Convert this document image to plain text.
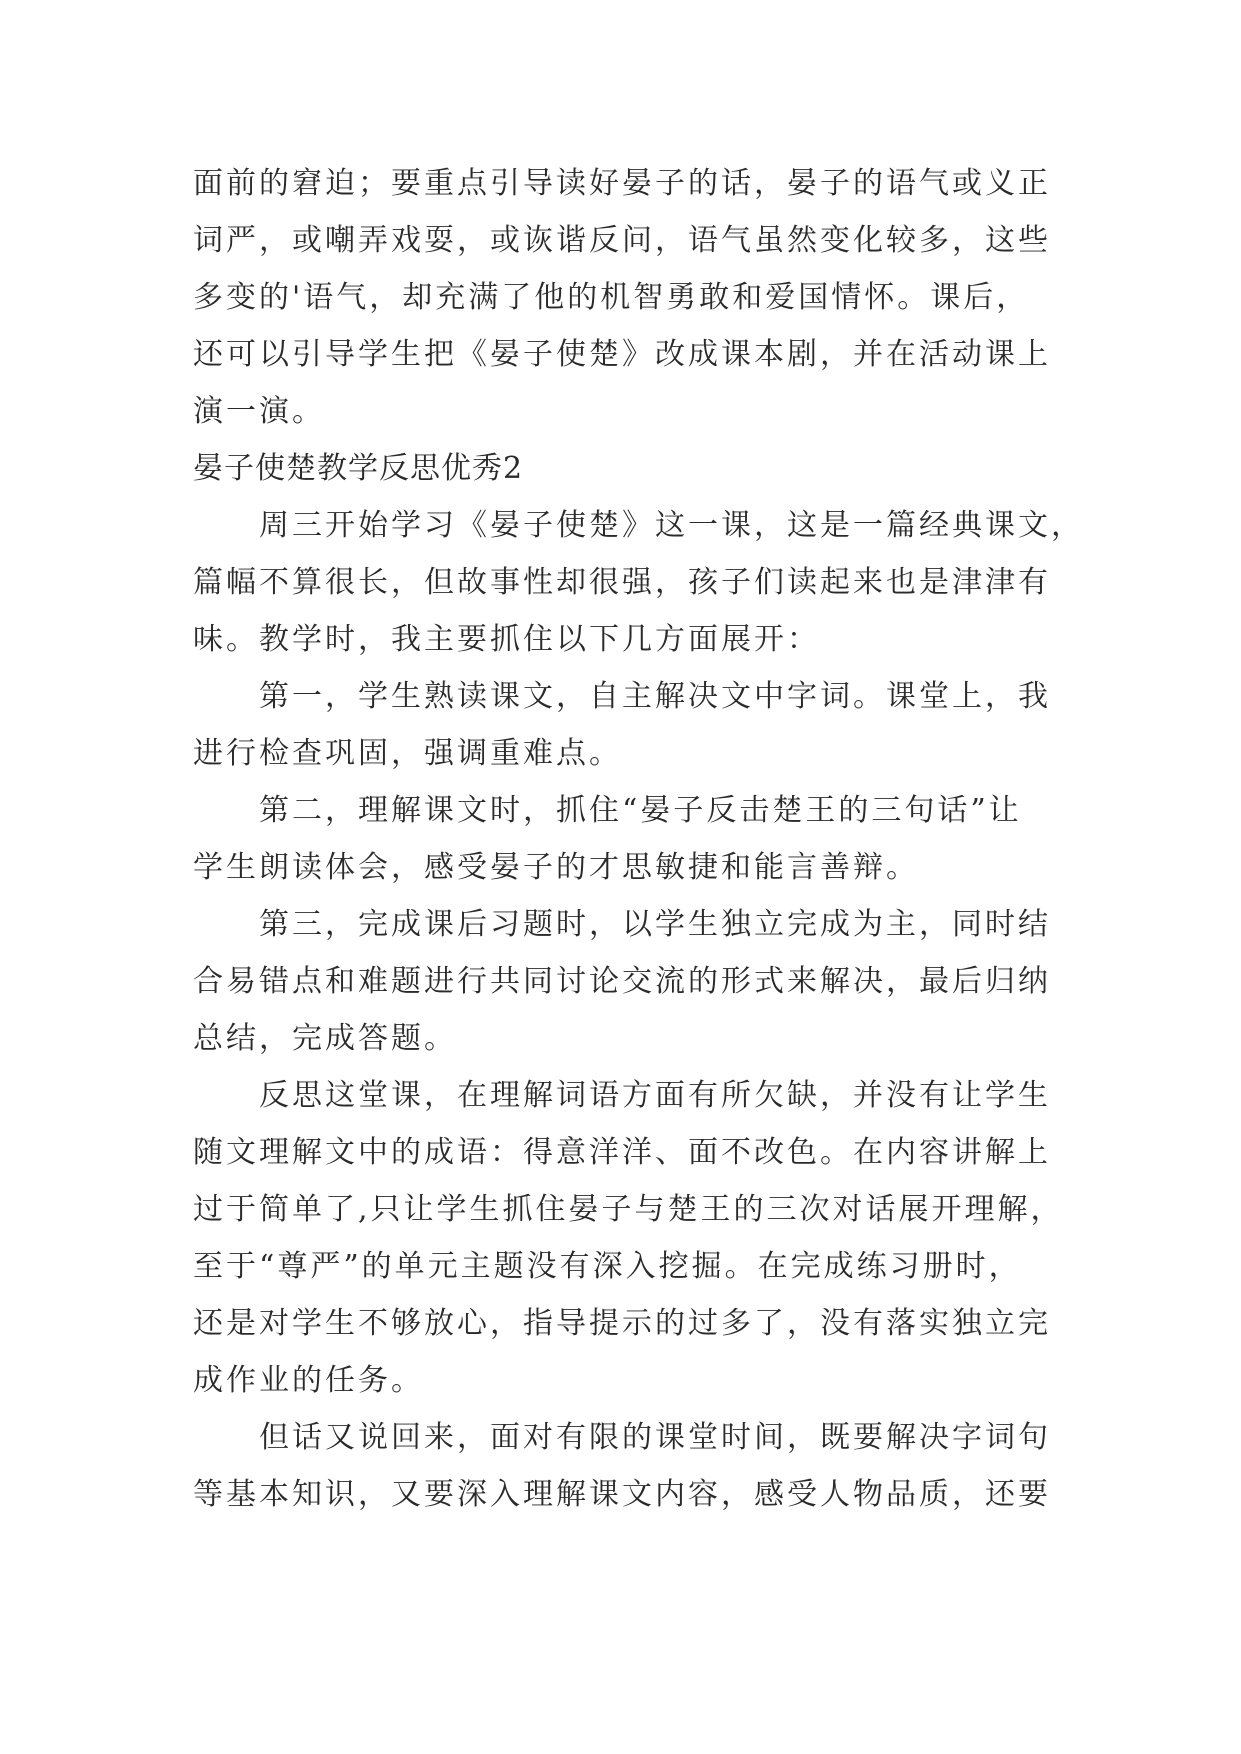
面前的窘迫；要重点引导读好晏子的话，晏子的语气或义正
词严，或嘲弄戏耍，或诙谐反问，语气虽然变化较多，这些
多变的'语气，却充满了他的机智勇敢和爱国情怀。课后，
还可以引导学生把《晏子使楚》改成课本剧，并在活动课上
演一演。
晏子使楚教学反思优秀2
　　周三开始学习《晏子使楚》这一课，这是一篇经典课文，
篇幅不算很长，但故事性却很强，孩子们读起来也是津津有
味。教学时，我主要抓住以下几方面展开：
　　第一，学生熟读课文，自主解决文中字词。课堂上，我
进行检查巩固，强调重难点。
　　第二，理解课文时，抓住“晏子反击楚王的三句话”让
学生朗读体会，感受晏子的才思敏捷和能言善辩。
　　第三，完成课后习题时，以学生独立完成为主，同时结
合易错点和难题进行共同讨论交流的形式来解决，最后归纳
总结，完成答题。
　　反思这堂课，在理解词语方面有所欠缺，并没有让学生
随文理解文中的成语：得意洋洋、面不改色。在内容讲解上
过于简单了,只让学生抓住晏子与楚王的三次对话展开理解，
至于“尊严”的单元主题没有深入挖掘。在完成练习册时，
还是对学生不够放心，指导提示的过多了，没有落实独立完
成作业的任务。
　　但话又说回来，面对有限的课堂时间，既要解决字词句
等基本知识，又要深入理解课文内容，感受人物品质，还要
